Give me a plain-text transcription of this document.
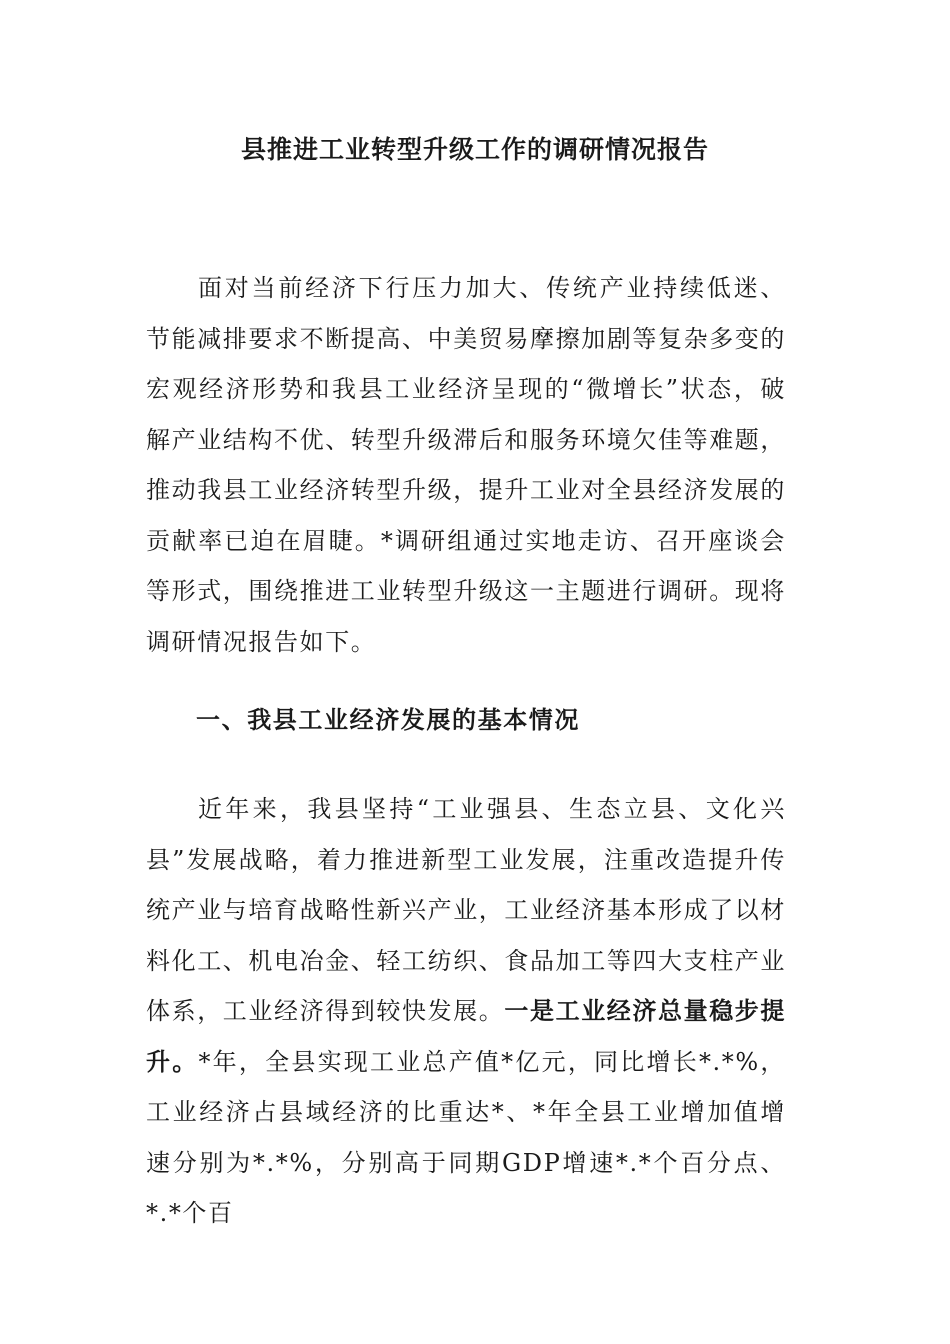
县推进工业转型升级工作的调研情况报告

面对当前经济下行压力加大、传统产业持续低迷、节能减排要求不断提高、中美贸易摩擦加剧等复杂多变的宏观经济形势和我县工业经济呈现的“微增长”状态，破解产业结构不优、转型升级滞后和服务环境欠佳等难题，推动我县工业经济转型升级，提升工业对全县经济发展的贡献率已迫在眉睫。*调研组通过实地走访、召开座谈会等形式，围绕推进工业转型升级这一主题进行调研。现将调研情况报告如下。

一、我县工业经济发展的基本情况

近年来，我县坚持“工业强县、生态立县、文化兴县”发展战略，着力推进新型工业发展，注重改造提升传统产业与培育战略性新兴产业，工业经济基本形成了以材料化工、机电冶金、轻工纺织、食品加工等四大支柱产业体系，工业经济得到较快发展。一是工业经济总量稳步提升。*年，全县实现工业总产值*亿元，同比增长*.*%，工业经济占县域经济的比重达*、*年全县工业增加值增速分别为*.*%，分别高于同期GDP增速*.*个百分点、*.*个百
